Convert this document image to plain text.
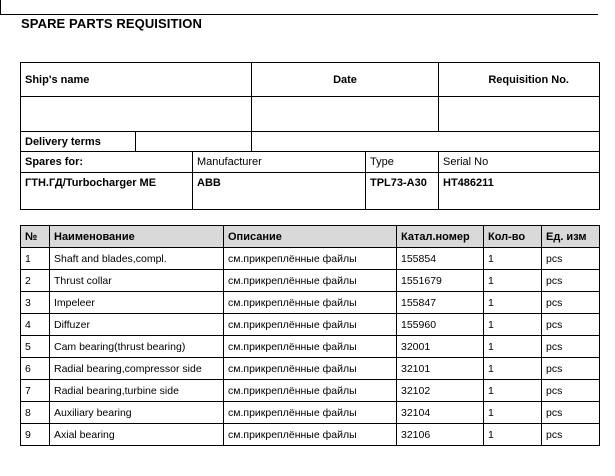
SPARE PARTS REQUISITION
Ship's name			Date		Requisition No.

Delivery terms					
Spares for:		Manufacturer		Type	Serial No
ГТН.ГД/Turbocharger ME		ABB		TPL73-A30	HT486211
№	Наименование	Описание	Катал.номер	Кол-во	Ед. изм
1	Shaft and blades,compl.	см.прикреплённые файлы	155854	1	pcs
2	Thrust collar	см.прикреплённые файлы	1551679	1	pcs
3	Impeleer	см.прикреплённые файлы	155847	1	pcs
4	Diffuzer	см.прикреплённые файлы	155960	1	pcs
5	Cam bearing(thrust bearing)	см.прикреплённые файлы	32001	1	pcs
6	Radial bearing,compressor side	см.прикреплённые файлы	32101	1	pcs
7	Radial bearing,turbine side	см.прикреплённые файлы	32102	1	pcs
8	Auxiliary bearing	см.прикреплённые файлы	32104	1	pcs
9	Axial bearing	см.прикреплённые файлы	32106	1	pcs
